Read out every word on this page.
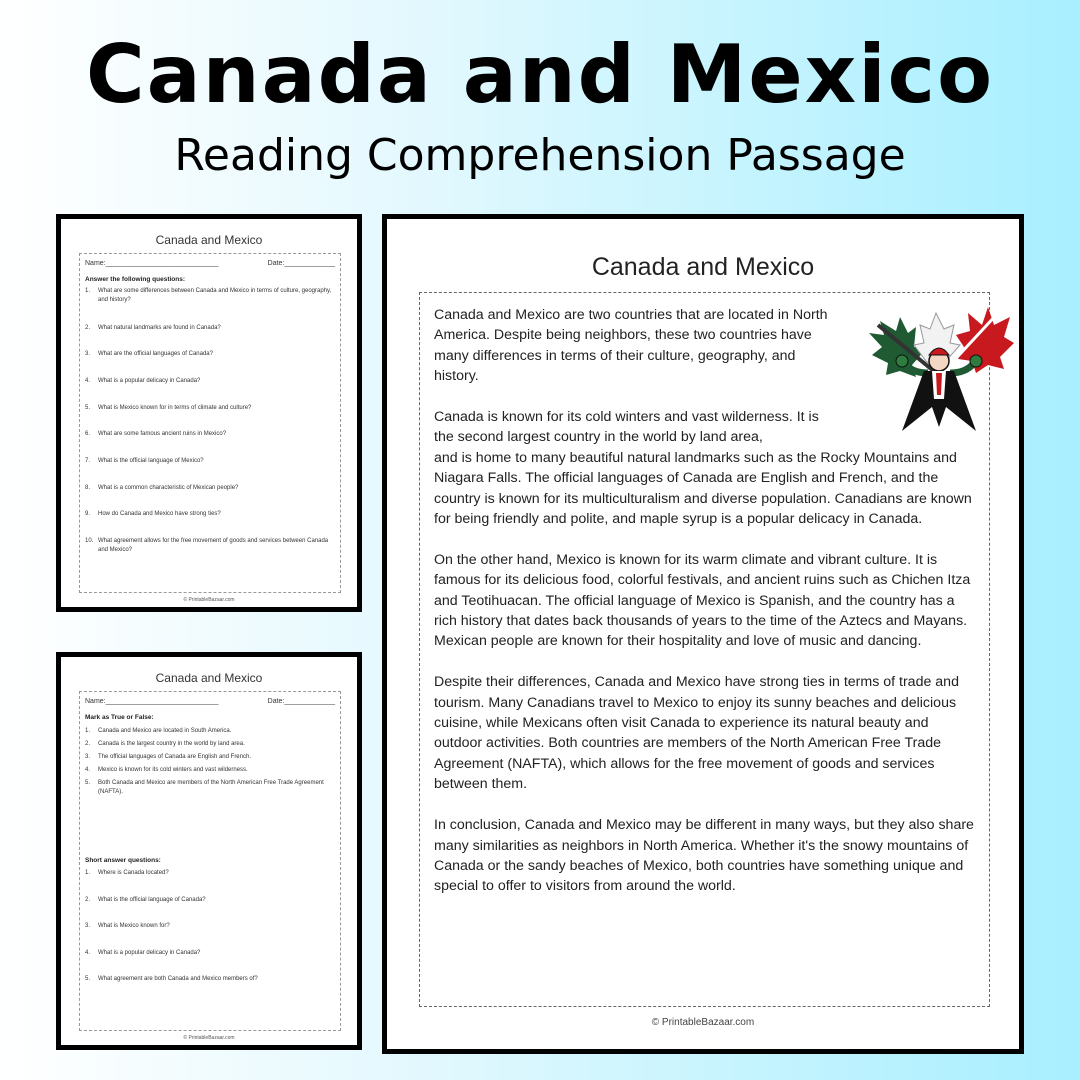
Canada and Mexico
Reading Comprehension Passage
Canada and Mexico
Name:_____________________________	Date:_____________
Answer the following questions:
1.	What are some differences between Canada and Mexico in terms of culture, geography, and history?
2.	What natural landmarks are found in Canada?
3.	What are the official languages of Canada?
4.	What is a popular delicacy in Canada?
5.	What is Mexico known for in terms of climate and culture?
6.	What are some famous ancient ruins in Mexico?
7.	What is the official language of Mexico?
8.	What is a common characteristic of Mexican people?
9.	How do Canada and Mexico have strong ties?
10. What agreement allows for the free movement of goods and services between Canada and Mexico?
© PrintableBazaar.com
Canada and Mexico
Name:_____________________________	Date:_____________
Mark as True or False:
1.	Canada and Mexico are located in South America.
2.	Canada is the largest country in the world by land area.
3.	The official languages of Canada are English and French.
4.	Mexico is known for its cold winters and vast wilderness.
5.	Both Canada and Mexico are members of the North American Free Trade Agreement (NAFTA).
Short answer questions:
1.	Where is Canada located?
2.	What is the official language of Canada?
3.	What is Mexico known for?
4.	What is a popular delicacy in Canada?
5.	What agreement are both Canada and Mexico members of?
© PrintableBazaar.com
Canada and Mexico

Canada and Mexico are two countries that are located in North America. Despite being neighbors, these two countries have many differences in terms of their culture, geography, and history.

Canada is known for its cold winters and vast wilderness. It is the second largest country in the world by land area,

and is home to many beautiful natural landmarks such as the Rocky Mountains and Niagara Falls. The official languages of Canada are English and French, and the country is known for its multiculturalism and diverse population. Canadians are known for being friendly and polite, and maple syrup is a popular delicacy in Canada.

On the other hand, Mexico is known for its warm climate and vibrant culture. It is famous for its delicious food, colorful festivals, and ancient ruins such as Chichen Itza and Teotihuacan. The official language of Mexico is Spanish, and the country has a rich history that dates back thousands of years to the time of the Aztecs and Mayans. Mexican people are known for their hospitality and love of music and dancing.

Despite their differences, Canada and Mexico have strong ties in terms of trade and tourism. Many Canadians travel to Mexico to enjoy its sunny beaches and delicious cuisine, while Mexicans often visit Canada to experience its natural beauty and outdoor activities. Both countries are members of the North American Free Trade Agreement (NAFTA), which allows for the free movement of goods and services between them.

In conclusion, Canada and Mexico may be different in many ways, but they also share many similarities as neighbors in North America. Whether it's the snowy mountains of Canada or the sandy beaches of Mexico, both countries have something unique and special to offer to visitors from around the world.

© PrintableBazaar.com
